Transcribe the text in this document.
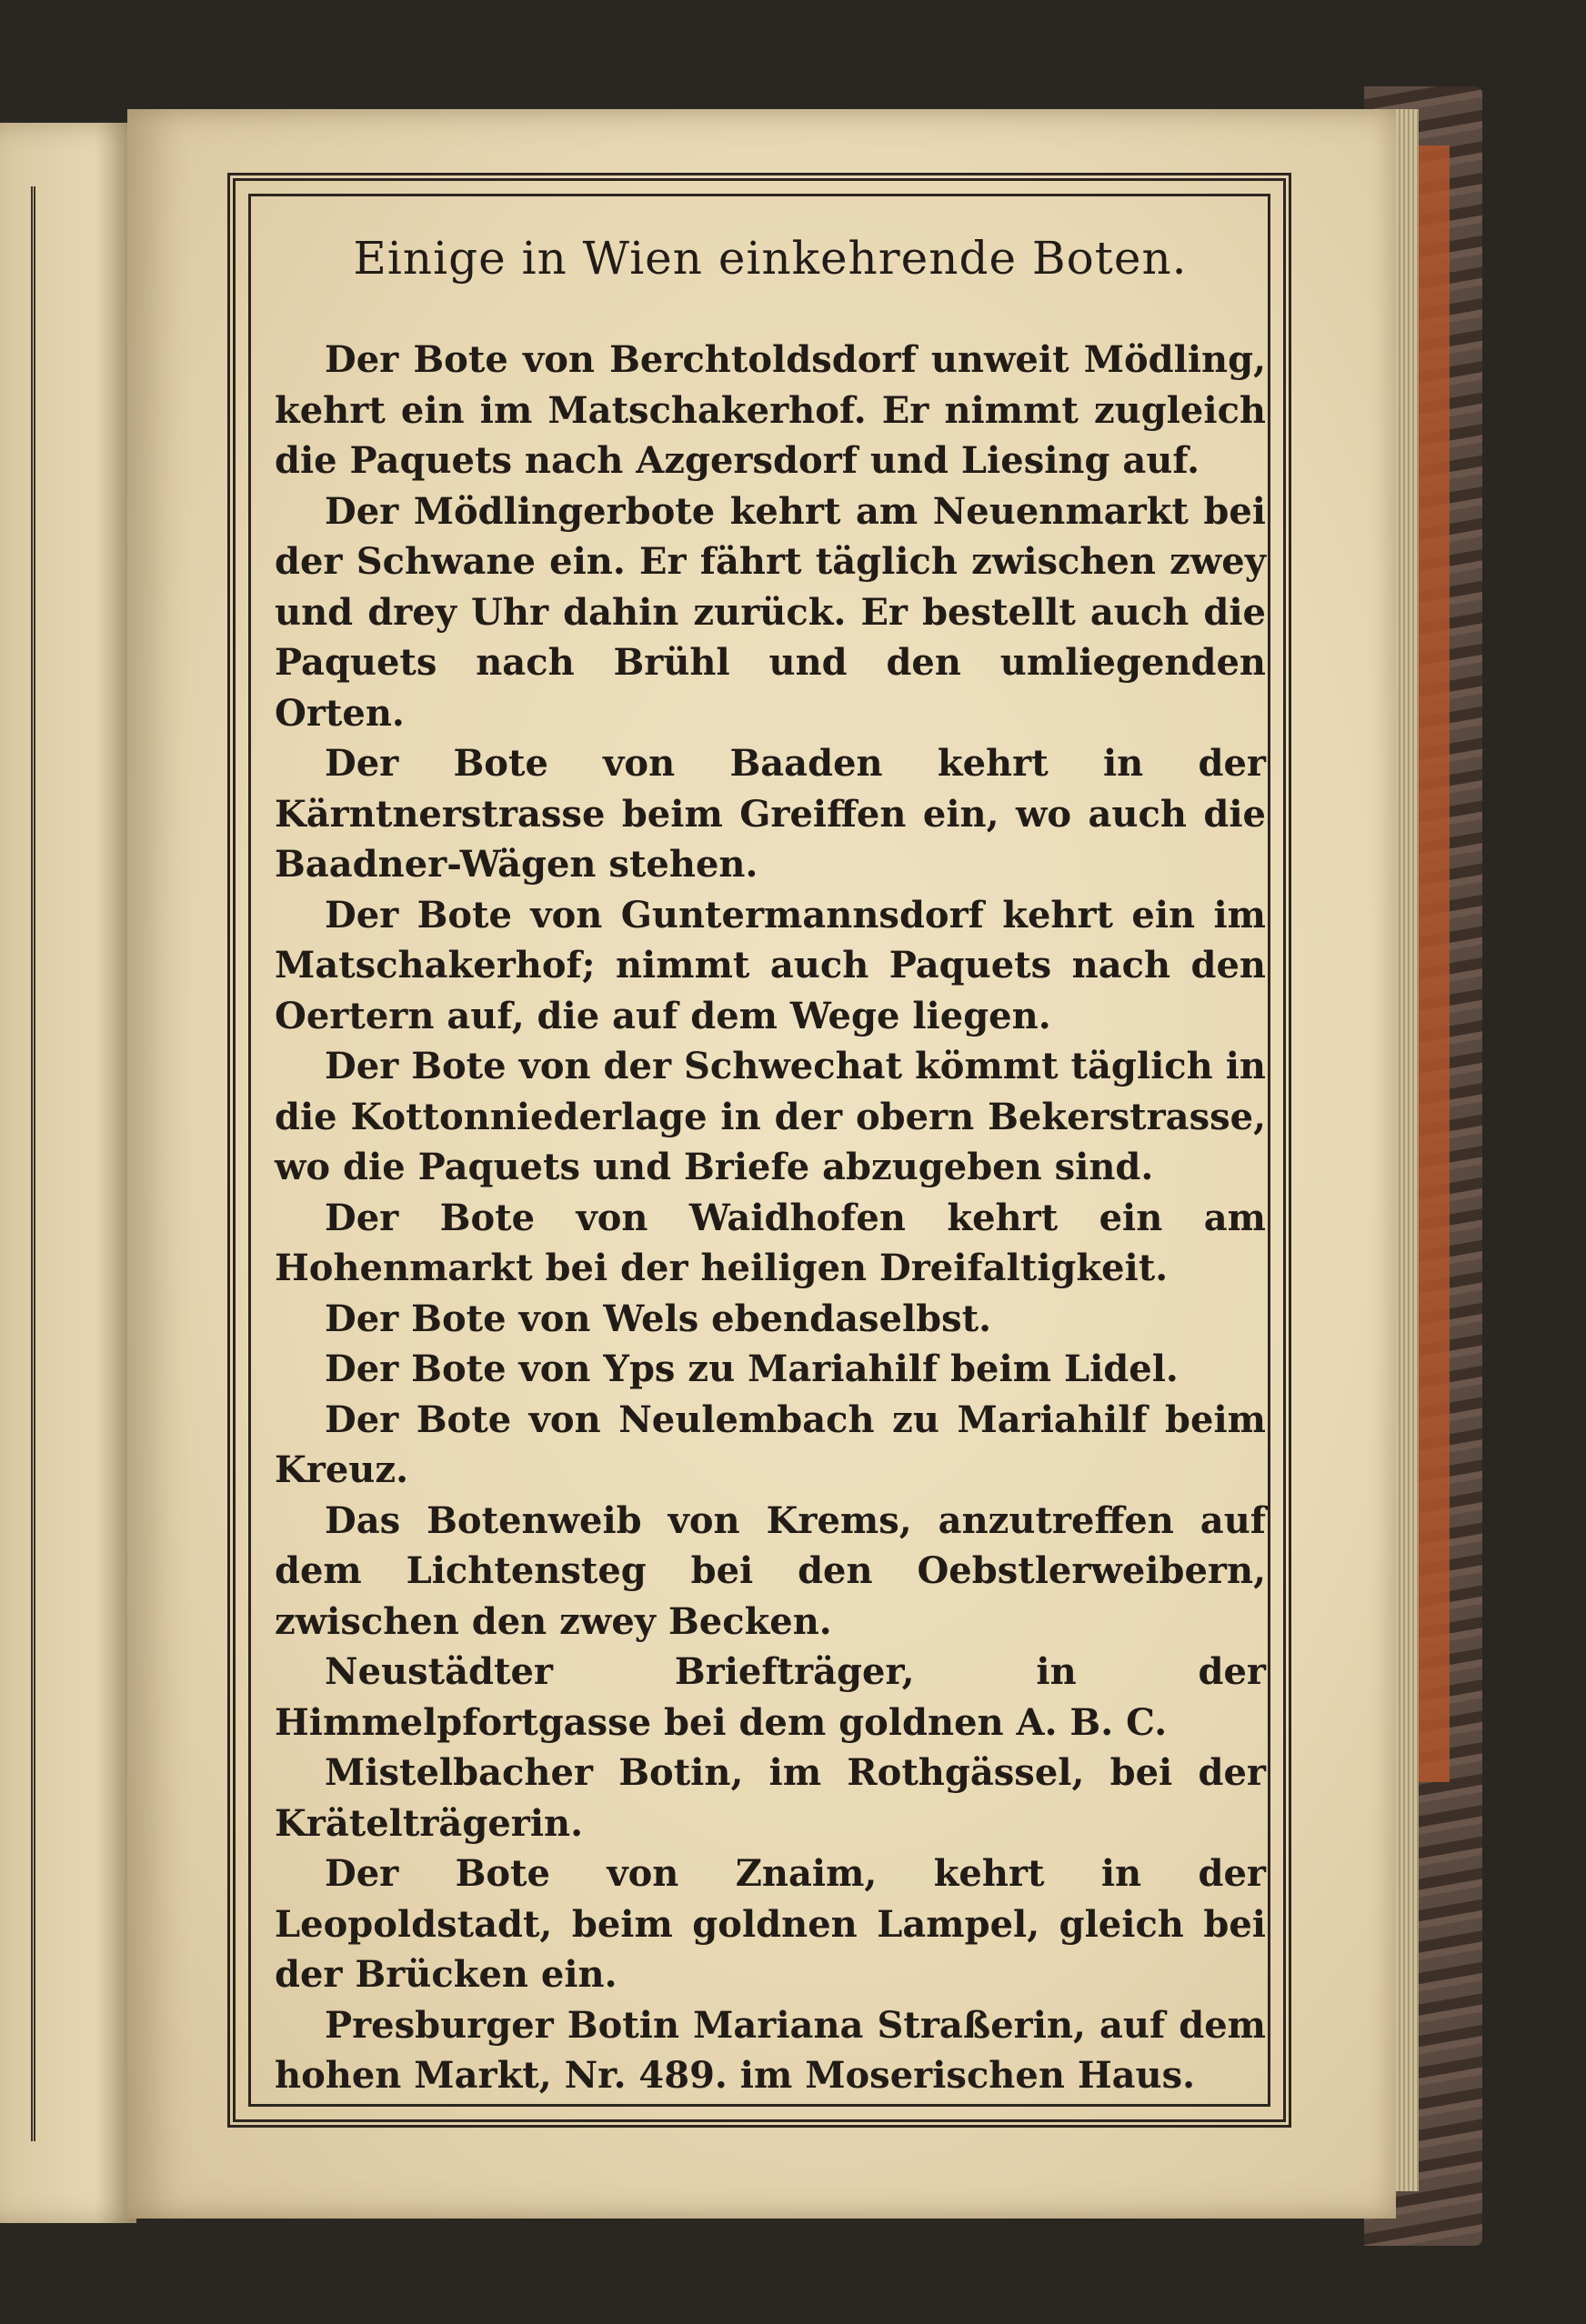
Einige in Wien einkehrende Boten.

Der Bote von Berchtoldsdorf unweit Mödling, kehrt ein im Matschakerhof. Er nimmt zugleich die Paquets nach Azgersdorf und Liesing auf.

Der Mödlingerbote kehrt am Neuenmarkt bei der Schwane ein. Er fährt täglich zwischen zwey und drey Uhr dahin zurück. Er bestellt auch die Paquets nach Brühl und den umliegenden Orten.

Der Bote von Baaden kehrt in der Kärntnerstrasse beim Greiffen ein, wo auch die Baadner-Wägen stehen.

Der Bote von Guntermannsdorf kehrt ein im Matschakerhof; nimmt auch Paquets nach den Oertern auf, die auf dem Wege liegen.

Der Bote von der Schwechat kömmt täglich in die Kottonniederlage in der obern Bekerstrasse, wo die Paquets und Briefe abzugeben sind.

Der Bote von Waidhofen kehrt ein am Hohenmarkt bei der heiligen Dreifaltigkeit.

Der Bote von Wels ebendaselbst.

Der Bote von Yps zu Mariahilf beim Lidel.

Der Bote von Neulembach zu Mariahilf beim Kreuz.

Das Botenweib von Krems, anzutreffen auf dem Lichtensteg bei den Oebstlerweibern, zwischen den zwey Becken.

Neustädter Briefträger, in der Himmelpfortgasse bei dem goldnen A. B. C.

Mistelbacher Botin, im Rothgässel, bei der Krätelträgerin.

Der Bote von Znaim, kehrt in der Leopoldstadt, beim goldnen Lampel, gleich bei der Brücken ein.

Presburger Botin Mariana Straßerin, auf dem hohen Markt, Nr. 489. im Moserischen Haus.
